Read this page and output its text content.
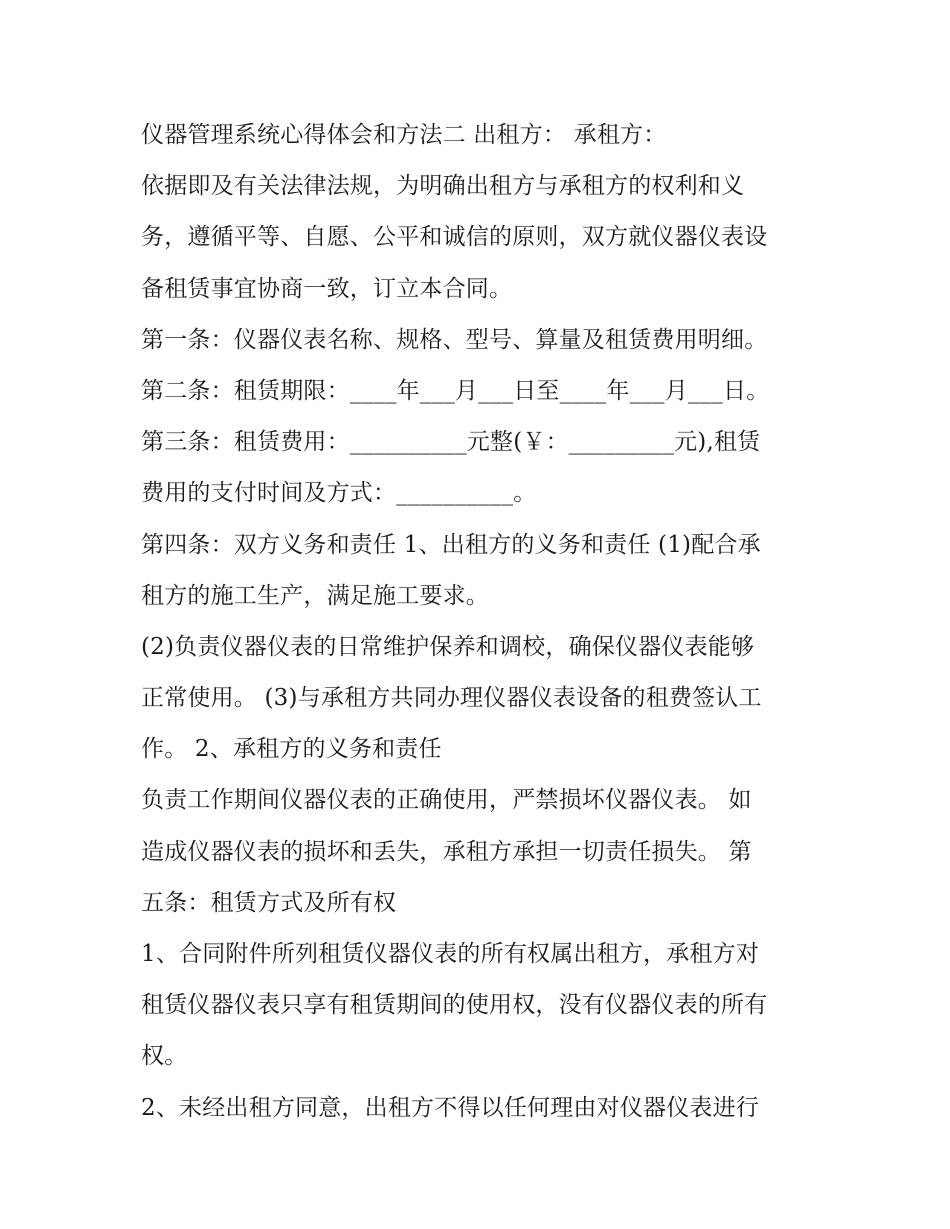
仪器管理系统心得体会和方法二 出租方： 承租方：
依据即及有关法律法规，为明确出租方与承租方的权利和义
务，遵循平等、自愿、公平和诚信的原则，双方就仪器仪表设
备租赁事宜协商一致，订立本合同。
第一条：仪器仪表名称、规格、型号、算量及租赁费用明细。
第二条：租赁期限：____年___月___日至____年___月___日。
第三条：租赁费用：__________元整(￥：_________元),租赁
费用的支付时间及方式：__________。
第四条：双方义务和责任 1、出租方的义务和责任 (1)配合承
租方的施工生产，满足施工要求。
(2)负责仪器仪表的日常维护保养和调校，确保仪器仪表能够
正常使用。 (3)与承租方共同办理仪器仪表设备的租费签认工
作。 2、承租方的义务和责任
负责工作期间仪器仪表的正确使用，严禁损坏仪器仪表。 如
造成仪器仪表的损坏和丢失，承租方承担一切责任损失。 第
五条：租赁方式及所有权
1、合同附件所列租赁仪器仪表的所有权属出租方，承租方对
租赁仪器仪表只享有租赁期间的使用权，没有仪器仪表的所有
权。
2、未经出租方同意，出租方不得以任何理由对仪器仪表进行
